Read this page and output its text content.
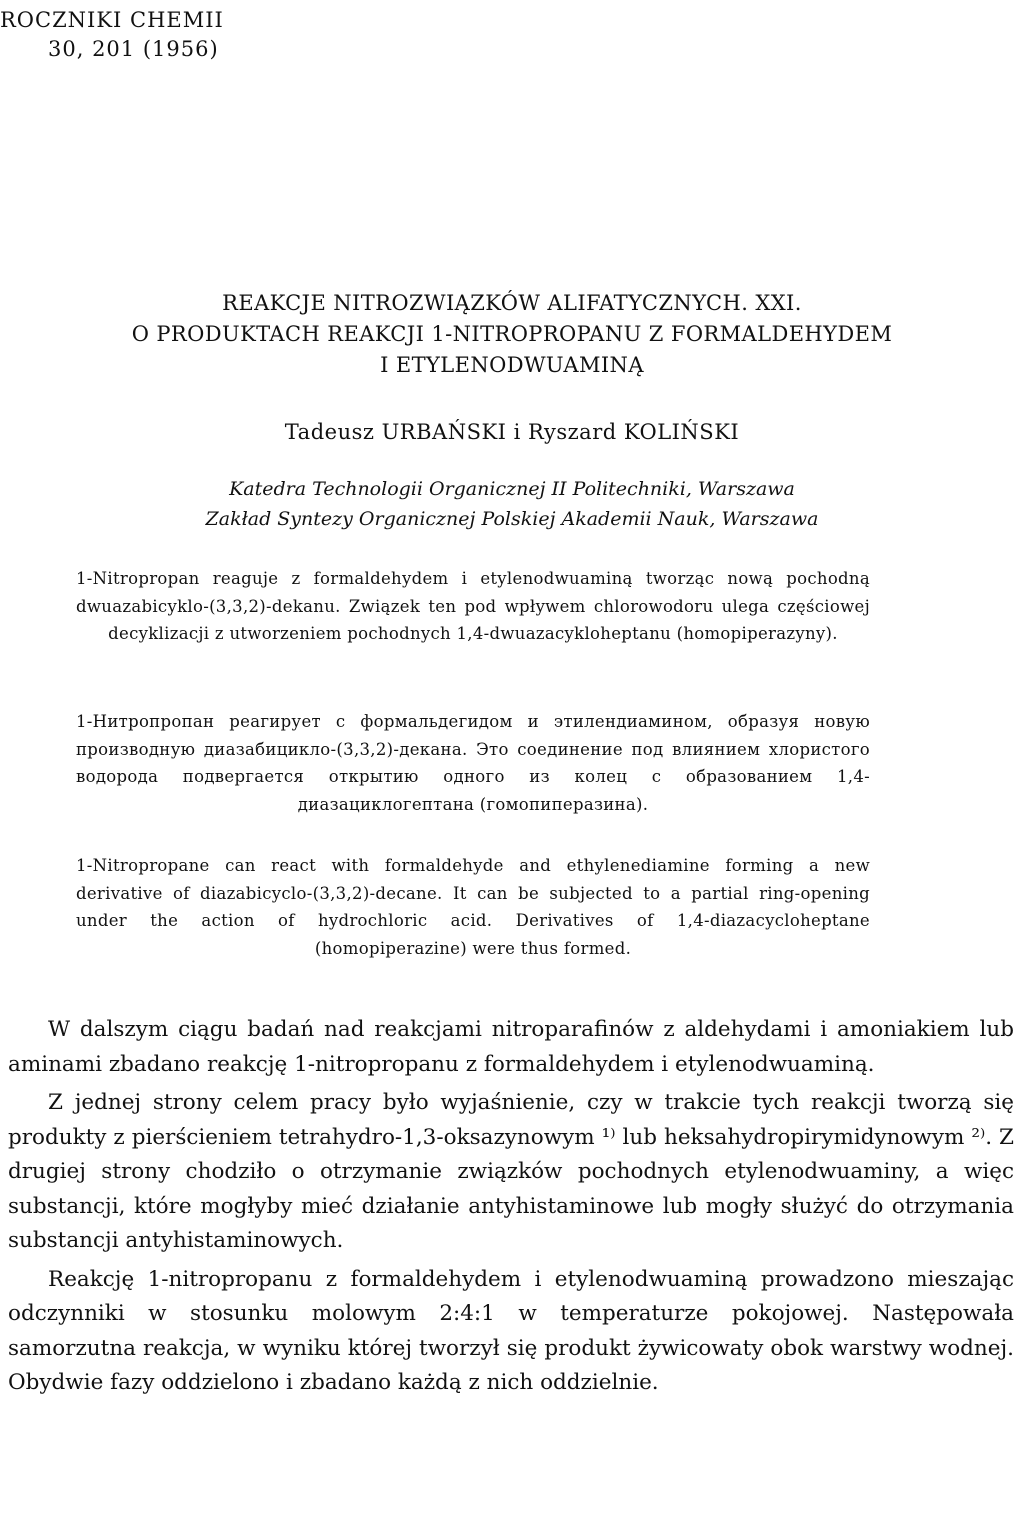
ROCZNIKI CHEMII
30, 201 (1956)
REAKCJE NITROZWIĄZKÓW ALIFATYCZNYCH. XXI.
O PRODUKTACH REAKCJI 1-NITROPROPANU Z FORMALDEHYDEM
I ETYLENODWUAMINĄ
Tadeusz URBAŃSKI i Ryszard KOLIŃSKI
Katedra Technologii Organicznej II Politechniki, Warszawa
Zakład Syntezy Organicznej Polskiej Akademii Nauk, Warszawa
1-Nitropropan reaguje z formaldehydem i etylenodwuaminą tworząc nową pochodną dwuazabicyklo-(3,3,2)-dekanu. Związek ten pod wpływem chlorowodoru ulega częściowej decyklizacji z utworzeniem pochodnych 1,4-dwuazacykloheptanu (homopiperazyny).
1-Нитропропан реагирует с формальдегидом и этилендиамином, образуя новую производную диазабицикло-(3,3,2)-декана. Это соединение под влиянием хлористого водорода подвергается открытию одного из колец с образованием 1,4-диазациклогептана (гомопиперазина).
1-Nitropropane can react with formaldehyde and ethylenediamine forming a new derivative of diazabicyclo-(3,3,2)-decane. It can be subjected to a partial ring-opening under the action of hydrochloric acid. Derivatives of 1,4-diazacycloheptane (homopiperazine) were thus formed.

W dalszym ciągu badań nad reakcjami nitroparafinów z aldehydami i amoniakiem lub aminami zbadano reakcję 1-nitropropanu z formaldehydem i etylenodwuaminą.

Z jednej strony celem pracy było wyjaśnienie, czy w trakcie tych reakcji tworzą się produkty z pierścieniem tetrahydro-1,3-oksazynowym ¹⁾ lub heksahydropirymidynowym ²⁾. Z drugiej strony chodziło o otrzymanie związków pochodnych etylenodwuaminy, a więc substancji, które mogłyby mieć działanie antyhistaminowe lub mogły służyć do otrzymania substancji antyhistaminowych.

Reakcję 1-nitropropanu z formaldehydem i etylenodwuaminą prowadzono mieszając odczynniki w stosunku molowym 2:4:1 w temperaturze pokojowej. Następowała samorzutna reakcja, w wyniku której tworzył się produkt żywicowaty obok warstwy wodnej. Obydwie fazy oddzielono i zbadano każdą z nich oddzielnie.
